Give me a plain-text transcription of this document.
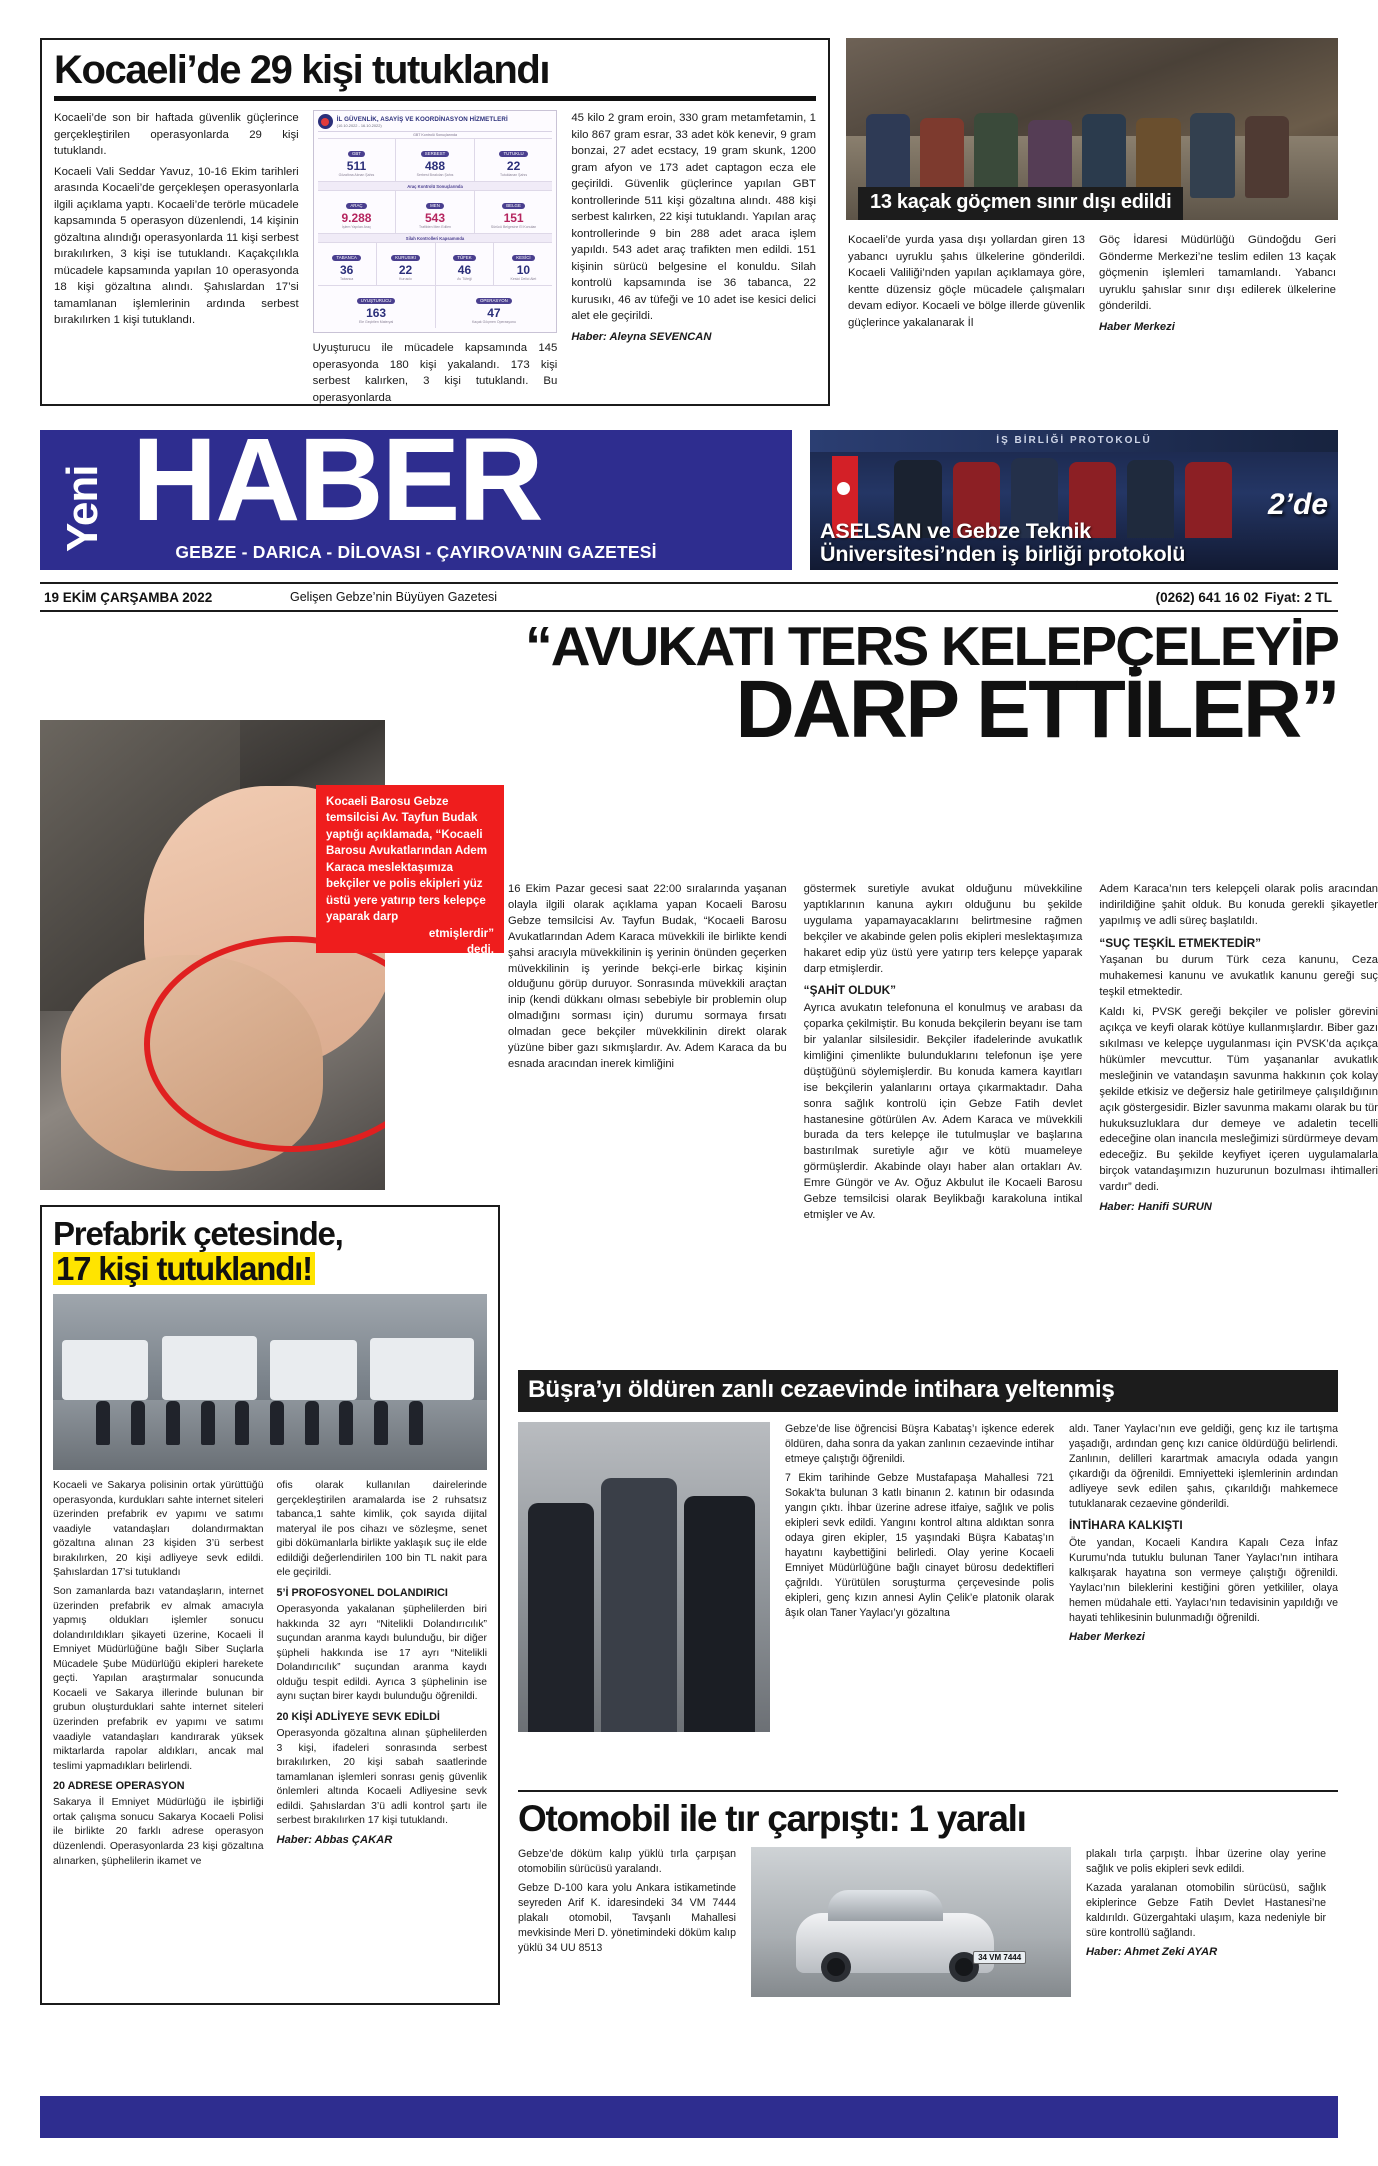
Kocaeli’de 29 kişi tutuklandı

Kocaeli’de son bir haftada güvenlik güçlerince gerçekleştirilen operasyonlarda 29 kişi tutuklandı.

Kocaeli Vali Seddar Yavuz, 10-16 Ekim tarihleri arasında Kocaeli’de gerçekleşen operasyonlarla ilgili açıklama yaptı. Kocaeli’de terörle mücadele kapsamında 5 operasyon düzenlendi, 14 kişinin gözaltına alındığı operasyonlarda 11 kişi serbest bırakılırken, 3 kişi ise tutuklandı. Kaçakçılıkla mücadele kapsamında yapılan 10 operasyonda 18 kişi gözaltına alındı. Şahıslardan 17’si tamamlanan işlemlerinin ardında serbest bırakılırken 1 kişi tutuklandı.

İL GÜVENLİK, ASAYİŞ VE KOORDİNASYON HİZMETLERİ
(10.10.2022 - 16.10.2022)
GBT Kontrolü Sonuçlarında
GBT
511
Gözaltına Alınan Şahıs
SERBEST
488
Serbest Bırakılan Şahıs
TUTUKLU
22
Tutuklanan Şahıs
Araç Kontrolü Sonuçlarında
ARAÇ
9.288
İşlem Yapılan Araç
MEN
543
Trafikten Men Edilen
BELGE
151
Sürücü Belgesine El Konulan
Silah Kontrolleri Kapsamında
TABANCA
36
Tabanca
KURUSIKI
22
Kurusıkı
TÜFEK
46
Av Tüfeği
KESİCİ
10
Kesici Delici Alet
UYUŞTURUCU
163
Ele Geçirilen Materyal
OPERASYON
47
Kaçak Göçmen Operasyonu

Uyuşturucu ile mücadele kapsamında 145 operasyonda 180 kişi yakalandı. 173 kişi serbest kalırken, 3 kişi tutuklandı. Bu operasyonlarda

45 kilo 2 gram eroin, 330 gram metamfetamin, 1 kilo 867 gram esrar, 33 adet kök kenevir, 9 gram bonzai, 27 adet ecstacy, 19 gram skunk, 1200 gram afyon ve 173 adet captagon ecza ele geçirildi. Güvenlik güçlerince yapılan GBT kontrollerinde 511 kişi gözaltına alındı. 488 kişi serbest kalırken, 22 kişi tutuklandı. Yapılan araç kontrollerinde 9 bin 288 adet araca işlem yapıldı. 543 adet araç trafikten men edildi. 151 kişinin sürücü belgesine el konuldu. Silah kontrolü kapsamında ise 36 tabanca, 22 kurusıkı, 46 av tüfeği ve 10 adet ise kesici delici alet ele geçirildi.

Haber: Aleyna SEVENCAN

13 kaçak göçmen sınır dışı edildi

Kocaeli’de yurda yasa dışı yollardan giren 13 yabancı uyruklu şahıs ülkelerine gönderildi. Kocaeli Valiliği’nden yapılan açıklamaya göre, kentte düzensiz göçle mücadele çalışmaları devam ediyor. Kocaeli ve bölge illerde güvenlik güçlerince yakalanarak İl

Göç İdaresi Müdürlüğü Gündoğdu Geri Gönderme Merkezi’ne teslim edilen 13 kaçak göçmenin işlemleri tamamlandı. Yabancı uyruklu şahıslar sınır dışı edilerek ülkelerine gönderildi.

Haber Merkezi

Yeni HABER
GEBZE - DARICA - DİLOVASI - ÇAYIROVA’NIN GAZETESİ
İŞ BİRLİĞİ PROTOKOLÜ
2’de
ASELSAN ve Gebze Teknik
Üniversitesi’nden iş birliği protokolü
19 EKİM ÇARŞAMBA 2022	Gelişen Gebze’nin Büyüyen Gazetesi	(0262) 641 16 02 Fiyat: 2 TL
“AVUKATI TERS KELEPÇELEYİP
DARP ETTİLER”
Kocaeli Barosu Gebze temsilcisi Av. Tayfun Budak yaptığı açıklamada, “Kocaeli Barosu Avukatlarından Adem Karaca meslektaşımıza bekçiler ve polis ekipleri yüz üstü yere yatırıp ters kelepçe yaparak darp
etmişlerdir”
dedi.

16 Ekim Pazar gecesi saat 22:00 sıralarında yaşanan olayla ilgili olarak açıklama yapan Kocaeli Barosu Gebze temsilcisi Av. Tayfun Budak, “Kocaeli Barosu Avukatlarından Adem Karaca müvekkili ile birlikte kendi şahsi aracıyla müvekkilinin iş yerinin önünden geçerken müvekkilinin iş yerinde bekçi-erle birkaç kişinin olduğunu görüp duruyor. Sonrasında müvekkili araçtan inip (kendi dükkanı olması sebebiyle bir problemin olup olmadığını sorması için) durumu sormaya fırsatı olmadan gece bekçiler müvekkilinin direkt olarak yüzüne biber gazı sıkmışlardır. Av. Adem Karaca da bu esnada aracından inerek kimliğini

göstermek suretiyle avukat olduğunu müvekkiline yaptıklarının kanuna aykırı olduğunu bu şekilde uygulama yapamayacaklarını belirtmesine rağmen bekçiler ve akabinde gelen polis ekipleri meslektaşımıza hakaret edip yüz üstü yere yatırıp ters kelepçe yaparak darp etmişlerdir.

“ŞAHİT OLDUK”

Ayrıca avukatın telefonuna el konulmuş ve arabası da çoparka çekilmiştir. Bu konuda bekçilerin beyanı ise tam bir yalanlar silsilesidir. Bekçiler ifadelerinde avukatlık kimliğini çimenlikte bulunduklarını telefonun işe yere düştüğünü söylemişlerdir. Bu konuda kamera kayıtları ise bekçilerin yalanlarını ortaya çıkarmaktadır. Daha sonra sağlık kontrolü için Gebze Fatih devlet hastanesine götürülen Av. Adem Karaca ve müvekkili burada da ters kelepçe ile tutulmuşlar ve başlarına bastırılmak suretiyle ağır ve kötü muameleye görmüşlerdir. Akabinde olayı haber alan ortakları Av. Emre Güngör ve Av. Oğuz Akbulut ile Kocaeli Barosu Gebze temsilcisi olarak Beylikbağı karakoluna intikal etmişler ve Av.

Adem Karaca’nın ters kelepçeli olarak polis aracından indirildiğine şahit olduk. Bu konuda gerekli şikayetler yapılmış ve adli süreç başlatıldı.

“SUÇ TEŞKİL ETMEKTEDİR”

Yaşanan bu durum Türk ceza kanunu, Ceza muhakemesi kanunu ve avukatlık kanunu gereği suç teşkil etmektedir.

Kaldı ki, PVSK gereği bekçiler ve polisler görevini açıkça ve keyfi olarak kötüye kullanmışlardır. Biber gazı sıkılması ve kelepçe uygulanması için PVSK’da açıkça hükümler mevcuttur. Tüm yaşananlar avukatlık mesleğinin ve vatandaşın savunma hakkının çok kolay şekilde etkisiz ve değersiz hale getirilmeye çalışıldığının açık göstergesidir. Bizler savunma makamı olarak bu tür hukuksuzluklara dur demeye ve adaletin tecelli edeceğine olan inancıla mesleğimizi sürdürmeye devam edeceğiz. Bu şekilde keyfiyet içeren uygulamalarla birçok vatandaşımızın huzurunun bozulması ihtimalleri vardır” dedi.

Haber: Hanifi SURUN

Prefabrik çetesinde,
17 kişi tutuklandı!

Kocaeli ve Sakarya polisinin ortak yürüttüğü operasyonda, kurdukları sahte internet siteleri üzerinden prefabrik ev yapımı ve satımı vaadiyle vatandaşları dolandırmaktan gözaltına alınan 23 kişiden 3’ü serbest bırakılırken, 20 kişi adliyeye sevk edildi. Şahıslardan 17’si tutuklandı

Son zamanlarda bazı vatandaşların, internet üzerinden prefabrik ev almak amacıyla yapmış oldukları işlemler sonucu dolandırıldıkları şikayeti üzerine, Kocaeli İl Emniyet Müdürlüğüne bağlı Siber Suçlarla Mücadele Şube Müdürlüğü ekipleri harekete geçti. Yapılan araştırmalar sonucunda Kocaeli ve Sakarya illerinde bulunan bir grubun oluşturduklari sahte internet siteleri üzerinden prefabrik ev yapımı ve satımı vaadiyle vatandaşları kandırarak yüksek miktarlarda rapolar aldıkları, ancak mal teslimi yapmadıkları belirlendi.

20 ADRESE OPERASYON

Sakarya İl Emniyet Müdürlüğü ile işbirliği ortak çalışma sonucu Sakarya Kocaeli Polisi ile birlikte 20 farklı adrese operasyon düzenlendi. Operasyonlarda 23 kişi gözaltına alınarken, şüphelilerin ikamet ve

ofis olarak kullanılan dairelerinde gerçekleştirilen aramalarda ise 2 ruhsatsız tabanca,1 sahte kimlik, çok sayıda dijital materyal ile pos cihazı ve sözleşme, senet gibi dökümanlarla birlikte yaklaşık suç ile elde edildiği değerlendirilen 100 bin TL nakit para ele geçirildi.

5’İ PROFOSYONEL DOLANDIRICI

Operasyonda yakalanan şüphelilerden biri hakkında 32 ayrı “Nitelikli Dolandırıcılık” suçundan aranma kaydı bulunduğu, bir diğer şüpheli hakkında ise 17 ayrı “Nitelikli Dolandırıcılık” suçundan aranma kaydı olduğu tespit edildi. Ayrıca 3 şüphelinin ise aynı suçtan birer kaydı bulunduğu öğrenildi.

20 KİŞİ ADLİYEYE SEVK EDİLDİ

Operasyonda gözaltına alınan şüphelilerden 3 kişi, ifadeleri sonrasında serbest bırakılırken, 20 kişi sabah saatlerinde tamamlanan işlemleri sonrası geniş güvenlik önlemleri altında Kocaeli Adliyesine sevk edildi. Şahıslardan 3’ü adli kontrol şartı ile serbest bırakılırken 17 kişi tutuklandı.

Haber: Abbas ÇAKAR

Büşra’yı öldüren zanlı cezaevinde intihara yeltenmiş

Gebze’de lise öğrencisi Büşra Kabataş’ı işkence ederek öldüren, daha sonra da yakan zanlının cezaevinde intihar etmeye çalıştığı öğrenildi.

7 Ekim tarihinde Gebze Mustafapaşa Mahallesi 721 Sokak’ta bulunan 3 katlı binanın 2. katının bir odasında yangın çıktı. İhbar üzerine adrese itfaiye, sağlık ve polis ekipleri sevk edildi. Yangını kontrol altına aldıktan sonra odaya giren ekipler, 15 yaşındaki Büşra Kabataş’ın hayatını kaybettiğini belirledi. Olay yerine Kocaeli Emniyet Müdürlüğüne bağlı cinayet bürosu dedektifleri çağrıldı. Yürütülen soruşturma çerçevesinde polis ekipleri, genç kızın annesi Aylin Çelik’e platonik olarak âşık olan Taner Yaylacı’yı gözaltına

aldı. Taner Yaylacı’nın eve geldiği, genç kız ile tartışma yaşadığı, ardından genç kızı canice öldürdüğü belirlendi. Zanlının, delilleri karartmak amacıyla odada yangın çıkardığı da öğrenildi. Emniyetteki işlemlerinin ardından adliyeye sevk edilen şahıs, çıkarıldığı mahkemece tutuklanarak cezaevine gönderildi.

İNTİHARA KALKIŞTI

Öte yandan, Kocaeli Kandıra Kapalı Ceza İnfaz Kurumu’nda tutuklu bulunan Taner Yaylacı’nın intihara kalkışarak hayatına son vermeye çalıştığı öğrenildi. Yaylacı’nın bileklerini kestiğini gören yetkililer, olaya hemen müdahale etti. Yaylacı’nın tedavisinin yapıldığı ve hayati tehlikesinin bulunmadığı öğrenildi.

Haber Merkezi

Otomobil ile tır çarpıştı: 1 yaralı

Gebze’de döküm kalıp yüklü tırla çarpışan otomobilin sürücüsü yaralandı.

Gebze D-100 kara yolu Ankara istikametinde seyreden Arif K. idaresindeki 34 VM 7444 plakalı otomobil, Tavşanlı Mahallesi mevkisinde Meri D. yönetimindeki döküm kalıp yüklü 34 UU 8513

34 VM 7444

plakalı tırla çarpıştı. İhbar üzerine olay yerine sağlık ve polis ekipleri sevk edildi.

Kazada yaralanan otomobilin sürücüsü, sağlık ekiplerince Gebze Fatih Devlet Hastanesi’ne kaldırıldı. Güzergahtaki ulaşım, kaza nedeniyle bir süre kontrollü sağlandı.

Haber: Ahmet Zeki AYAR
